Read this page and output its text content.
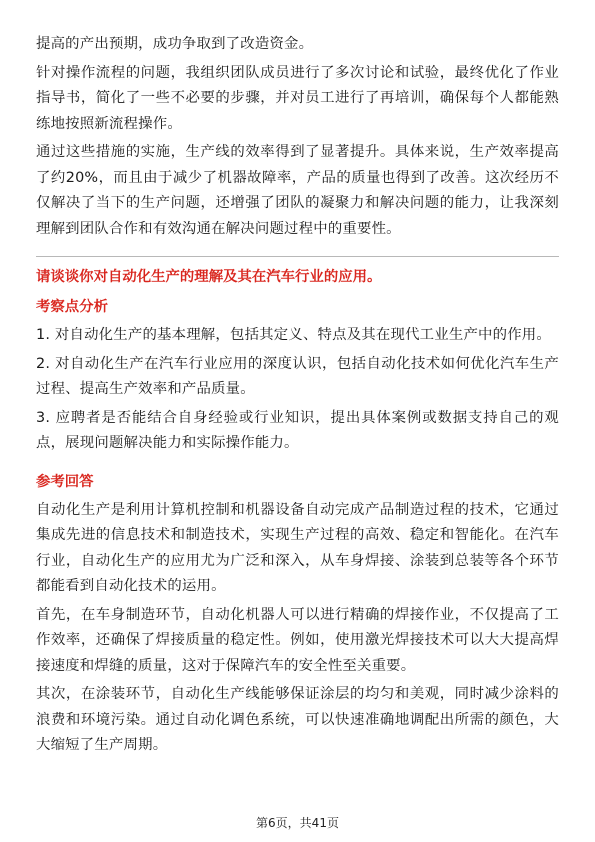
提高的产出预期，成功争取到了改造资金。

针对操作流程的问题，我组织团队成员进行了多次讨论和试验，最终优化了作业指导书，简化了一些不必要的步骤，并对员工进行了再培训，确保每个人都能熟练地按照新流程操作。

通过这些措施的实施，生产线的效率得到了显著提升。具体来说，生产效率提高了约20%，而且由于减少了机器故障率，产品的质量也得到了改善。这次经历不仅解决了当下的生产问题，还增强了团队的凝聚力和解决问题的能力，让我深刻理解到团队合作和有效沟通在解决问题过程中的重要性。

请谈谈你对自动化生产的理解及其在汽车行业的应用。

考察点分析

1. 对自动化生产的基本理解，包括其定义、特点及其在现代工业生产中的作用。

2. 对自动化生产在汽车行业应用的深度认识，包括自动化技术如何优化汽车生产过程、提高生产效率和产品质量。

3. 应聘者是否能结合自身经验或行业知识，提出具体案例或数据支持自己的观点，展现问题解决能力和实际操作能力。

参考回答

自动化生产是利用计算机控制和机器设备自动完成产品制造过程的技术，它通过集成先进的信息技术和制造技术，实现生产过程的高效、稳定和智能化。在汽车行业，自动化生产的应用尤为广泛和深入，从车身焊接、涂装到总装等各个环节都能看到自动化技术的运用。

首先，在车身制造环节，自动化机器人可以进行精确的焊接作业，不仅提高了工作效率，还确保了焊接质量的稳定性。例如，使用激光焊接技术可以大大提高焊接速度和焊缝的质量，这对于保障汽车的安全性至关重要。

其次，在涂装环节，自动化生产线能够保证涂层的均匀和美观，同时减少涂料的浪费和环境污染。通过自动化调色系统，可以快速准确地调配出所需的颜色，大大缩短了生产周期。

第6页，共41页
